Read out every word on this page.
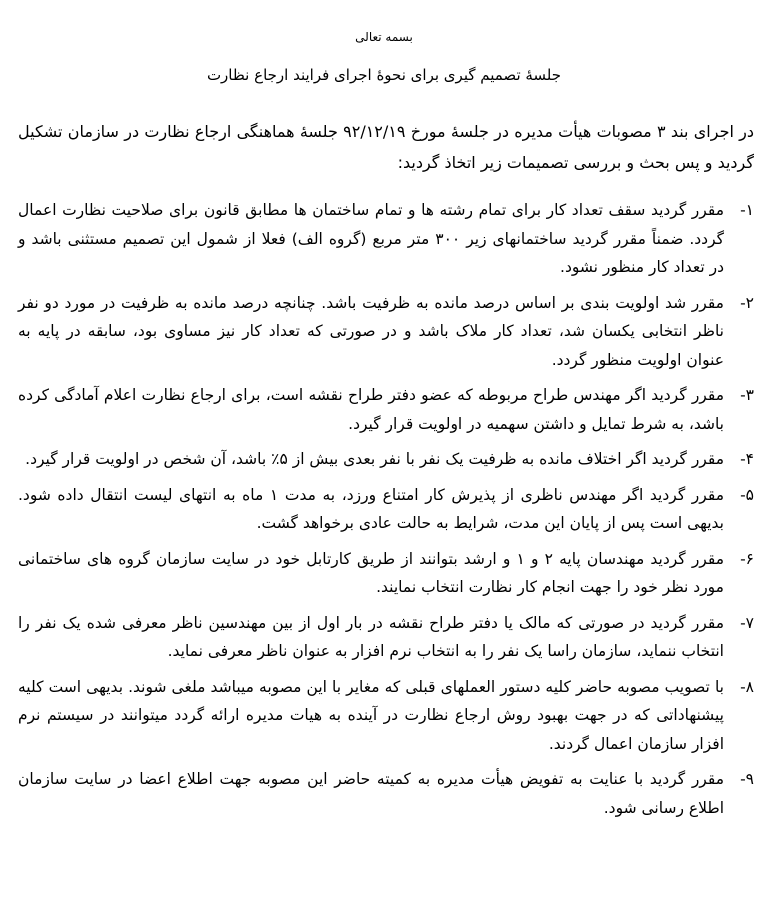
بسمه تعالی
جلسهٔ تصمیم گیری برای نحوهٔ اجرای فرایند ارجاع نظارت
در اجرای بند ۳ مصوبات هیأت مدیره در جلسهٔ مورخ ۹۲/۱۲/۱۹ جلسهٔ هماهنگی ارجاع نظارت در سازمان تشکیل گردید و پس بحث و بررسی تصمیمات زیر اتخاذ گردید:
۱-
مقرر گردید سقف تعداد کار برای تمام رشته ها و تمام ساختمان ها مطابق قانون برای صلاحیت نظارت اعمال گردد. ضمناً مقرر گردید ساختمانهای زیر ۳۰۰ متر مربع (گروه الف) فعلا از شمول این تصمیم مستثنی باشد و در تعداد کار منظور نشود.
۲-
مقرر شد اولویت بندی بر اساس درصد مانده به ظرفیت باشد. چنانچه درصد مانده به ظرفیت در مورد دو نفر ناظر انتخابی یکسان شد، تعداد کار ملاک باشد و در صورتی که تعداد کار نیز مساوی بود، سابقه در پایه به عنوان اولویت منظور گردد.
۳-
مقرر گردید اگر مهندس طراح مربوطه که عضو دفتر طراح نقشه است، برای ارجاع نظارت اعلام آمادگی کرده باشد، به شرط تمایل و داشتن سهمیه در اولویت قرار گیرد.
۴-
مقرر گردید اگر اختلاف مانده به ظرفیت یک نفر با نفر بعدی بیش از ۵٪ باشد، آن شخص در اولویت قرار گیرد.
۵-
مقرر گردید اگر مهندس ناظری از پذیرش کار امتناع ورزد، به مدت ۱ ماه به انتهای لیست انتقال داده شود. بدیهی است پس از پایان این مدت، شرایط به حالت عادی برخواهد گشت.
۶-
مقرر گردید مهندسان پایه ۲ و ۱ و ارشد بتوانند از طریق کارتابل خود در سایت سازمان گروه های ساختمانی مورد نظر خود را جهت انجام کار نظارت انتخاب نمایند.
۷-
مقرر گردید در صورتی که مالک یا دفتر طراح نقشه در بار اول از بین مهندسین ناظر معرفی شده یک نفر را انتخاب ننماید، سازمان راسا یک نفر را به انتخاب نرم افزار به عنوان ناظر معرفی نماید.
۸-
با تصویب مصوبه حاضر کلیه دستور العملهای قبلی که مغایر با این مصوبه میباشد ملغی شوند. بدیهی است کلیه پیشنهاداتی که در جهت بهبود روش ارجاع نظارت در آینده به هیات مدیره ارائه گردد میتوانند در سیستم نرم افزار سازمان اعمال گردند.
۹-
مقرر گردید با عنایت به تفویض هیأت مدیره به کمیته حاضر این مصوبه جهت اطلاع اعضا در سایت سازمان اطلاع رسانی شود.
